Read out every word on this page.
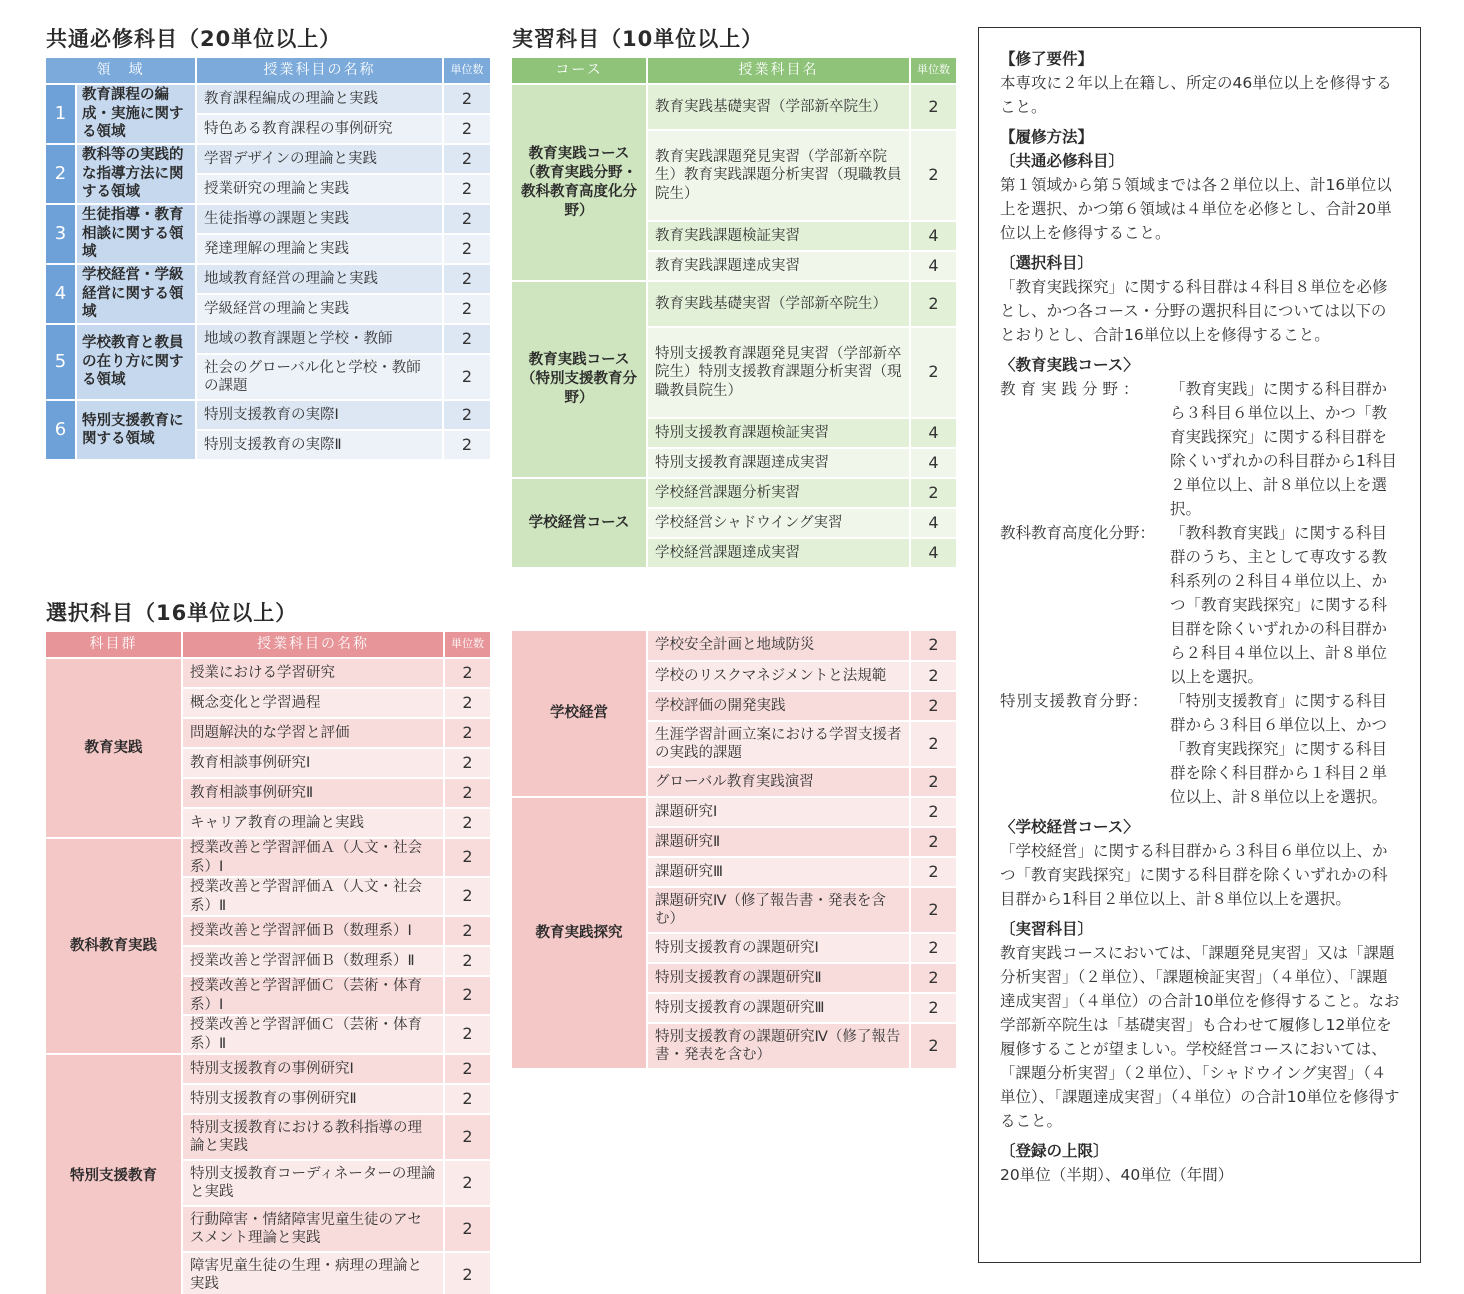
共通必修科目（20単位以上）
領　域		授業科目の名称	単位数
1	教育課程の編成・実施に関する領域	教育課程編成の理論と実践	2
		特色ある教育課程の事例研究	2
2	教科等の実践的な指導方法に関する領域	学習デザインの理論と実践	2
		授業研究の理論と実践	2
3	生徒指導・教育相談に関する領域	生徒指導の課題と実践	2
		発達理解の理論と実践	2
4	学校経営・学級経営に関する領域	地域教育経営の理論と実践	2
		学級経営の理論と実践	2
5	学校教育と教員の在り方に関する領域	地域の教育課題と学校・教師	2
		社会のグローバル化と学校・教師の課題	2
6	特別支援教育に関する領域	特別支援教育の実際Ⅰ	2
		特別支援教育の実際Ⅱ	2
実習科目（10単位以上）
コース	授業科目名	単位数
教育実践コース（教育実践分野・教科教育高度化分野）	教育実践基礎実習（学部新卒院生）	2
	教育実践課題発見実習（学部新卒院生）教育実践課題分析実習（現職教員院生）	2
	教育実践課題検証実習	4
	教育実践課題達成実習	4
教育実践コース（特別支援教育分野）	教育実践基礎実習（学部新卒院生）	2
	特別支援教育課題発見実習（学部新卒院生）特別支援教育課題分析実習（現職教員院生）	2
	特別支援教育課題検証実習	4
	特別支援教育課題達成実習	4
学校経営コース	学校経営課題分析実習	2
	学校経営シャドウイング実習	4
	学校経営課題達成実習	4
選択科目（16単位以上）
科目群	授業科目の名称	単位数
教育実践	授業における学習研究	2
	概念変化と学習過程	2
	問題解決的な学習と評価	2
	教育相談事例研究Ⅰ	2
	教育相談事例研究Ⅱ	2
	キャリア教育の理論と実践	2
教科教育実践	授業改善と学習評価Ａ（人文・社会系）Ⅰ	2
	授業改善と学習評価Ａ（人文・社会系）Ⅱ	2
	授業改善と学習評価Ｂ（数理系）Ⅰ	2
	授業改善と学習評価Ｂ（数理系）Ⅱ	2
	授業改善と学習評価Ｃ（芸術・体育系）Ⅰ	2
	授業改善と学習評価Ｃ（芸術・体育系）Ⅱ	2
特別支援教育	特別支援教育の事例研究Ⅰ	2
	特別支援教育の事例研究Ⅱ	2
	特別支援教育における教科指導の理論と実践	2
	特別支援教育コーディネーターの理論と実践	2
	行動障害・情緒障害児童生徒のアセスメント理論と実践	2
	障害児童生徒の生理・病理の理論と実践	2
学校経営	学校安全計画と地域防災	2
	学校のリスクマネジメントと法規範	2
	学校評価の開発実践	2
	生涯学習計画立案における学習支援者の実践的課題	2
	グローバル教育実践演習	2
教育実践探究	課題研究Ⅰ	2
	課題研究Ⅱ	2
	課題研究Ⅲ	2
	課題研究Ⅳ（修了報告書・発表を含む）	2
	特別支援教育の課題研究Ⅰ	2
	特別支援教育の課題研究Ⅱ	2
	特別支援教育の課題研究Ⅲ	2
	特別支援教育の課題研究Ⅳ（修了報告書・発表を含む）	2
【修了要件】
本専攻に２年以上在籍し、所定の46単位以上を修得すること。
【履修方法】
〔共通必修科目〕
第１領域から第５領域までは各２単位以上、計16単位以上を選択、かつ第６領域は４単位を必修とし、合計20単位以上を修得すること。
〔選択科目〕
「教育実践探究」に関する科目群は４科目８単位を必修とし、かつ各コース・分野の選択科目については以下のとおりとし、合計16単位以上を修得すること。
〈教育実践コース〉
教育実践分野：	「教育実践」に関する科目群から３科目６単位以上、かつ「教育実践探究」に関する科目群を除くいずれかの科目群から1科目２単位以上、計８単位以上を選択。
教科教育高度化分野： 「教科教育実践」に関する科目群のうち、主として専攻する教科系列の２科目４単位以上、かつ「教育実践探究」に関する科目群を除くいずれかの科目群から２科目４単位以上、計８単位以上を選択。
特別支援教育分野：	「特別支援教育」に関する科目群から３科目６単位以上、かつ「教育実践探究」に関する科目群を除く科目群から１科目２単位以上、計８単位以上を選択。
〈学校経営コース〉
「学校経営」に関する科目群から３科目６単位以上、かつ「教育実践探究」に関する科目群を除くいずれかの科目群から1科目２単位以上、計８単位以上を選択。
〔実習科目〕
教育実践コースにおいては、「課題発見実習」又は「課題分析実習」（２単位）、「課題検証実習」（４単位）、「課題達成実習」（４単位）の合計10単位を修得すること。なお学部新卒院生は「基礎実習」も合わせて履修し12単位を履修することが望ましい。学校経営コースにおいては、「課題分析実習」（２単位）、「シャドウイング実習」（４単位）、「課題達成実習」（４単位）の合計10単位を修得すること。
〔登録の上限〕
20単位（半期）、40単位（年間）
